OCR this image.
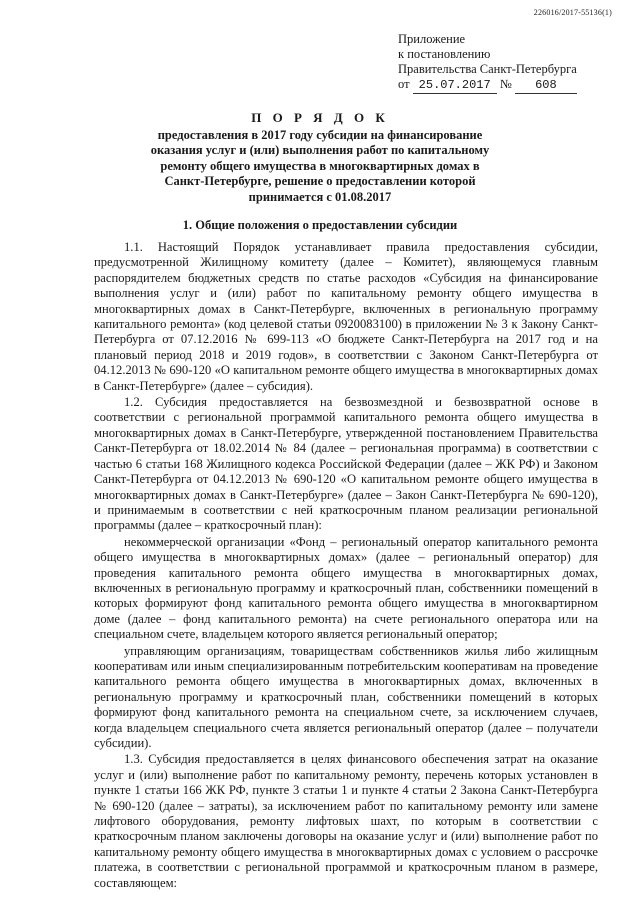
226016/2017-55136(1)
Приложение
к постановлению
Правительства Санкт-Петербурга
от 25.07.2017 № 608
П О Р Я Д О К
предоставления в 2017 году субсидии на финансирование оказания услуг и (или) выполнения работ по капитальному ремонту общего имущества в многоквартирных домах в Санкт-Петербурге, решение о предоставлении которой принимается с 01.08.2017
1. Общие положения о предоставлении субсидии

1.1. Настоящий Порядок устанавливает правила предоставления субсидии, предусмотренной Жилищному комитету (далее – Комитет), являющемуся главным распорядителем бюджетных средств по статье расходов «Субсидия на финансирование выполнения услуг и (или) работ по капитальному ремонту общего имущества в многоквартирных домах в Санкт-Петербурге, включенных в региональную программу капитального ремонта» (код целевой статьи 0920083100) в приложении № 3 к Закону Санкт-Петербурга от 07.12.2016 № 699-113 «О бюджете Санкт-Петербурга на 2017 год и на плановый период 2018 и 2019 годов», в соответствии с Законом Санкт-Петербурга от 04.12.2013 № 690-120 «О капитальном ремонте общего имущества в многоквартирных домах в Санкт-Петербурге» (далее – субсидия).

1.2. Субсидия предоставляется на безвозмездной и безвозвратной основе в соответствии с региональной программой капитального ремонта общего имущества в многоквартирных домах в Санкт-Петербурге, утвержденной постановлением Правительства Санкт-Петербурга от 18.02.2014 № 84 (далее – региональная программа) в соответствии с частью 6 статьи 168 Жилищного кодекса Российской Федерации (далее – ЖК РФ) и Законом Санкт-Петербурга от 04.12.2013 № 690-120 «О капитальном ремонте общего имущества в многоквартирных домах в Санкт-Петербурге» (далее – Закон Санкт-Петербурга № 690-120), и принимаемым в соответствии с ней краткосрочным планом реализации региональной программы (далее – краткосрочный план):

некоммерческой организации «Фонд – региональный оператор капитального ремонта общего имущества в многоквартирных домах» (далее – региональный оператор) для проведения капитального ремонта общего имущества в многоквартирных домах, включенных в региональную программу и краткосрочный план, собственники помещений в которых формируют фонд капитального ремонта общего имущества в многоквартирном доме (далее – фонд капитального ремонта) на счете регионального оператора или на специальном счете, владельцем которого является региональный оператор;

управляющим организациям, товариществам собственников жилья либо жилищным кооперативам или иным специализированным потребительским кооперативам на проведение капитального ремонта общего имущества в многоквартирных домах, включенных в региональную программу и краткосрочный план, собственники помещений в которых формируют фонд капитального ремонта на специальном счете, за исключением случаев, когда владельцем специального счета является региональный оператор (далее – получатели субсидии).

1.3. Субсидия предоставляется в целях финансового обеспечения затрат на оказание услуг и (или) выполнение работ по капитальному ремонту, перечень которых установлен в пункте 1 статьи 166 ЖК РФ, пункте 3 статьи 1 и пункте 4 статьи 2 Закона Санкт-Петербурга № 690-120 (далее – затраты), за исключением работ по капитальному ремонту или замене лифтового оборудования, ремонту лифтовых шахт, по которым в соответствии с краткосрочным планом заключены договоры на оказание услуг и (или) выполнение работ по капитальному ремонту общего имущества в многоквартирных домах с условием о рассрочке платежа, в соответствии с региональной программой и краткосрочным планом в размере, составляющем:
